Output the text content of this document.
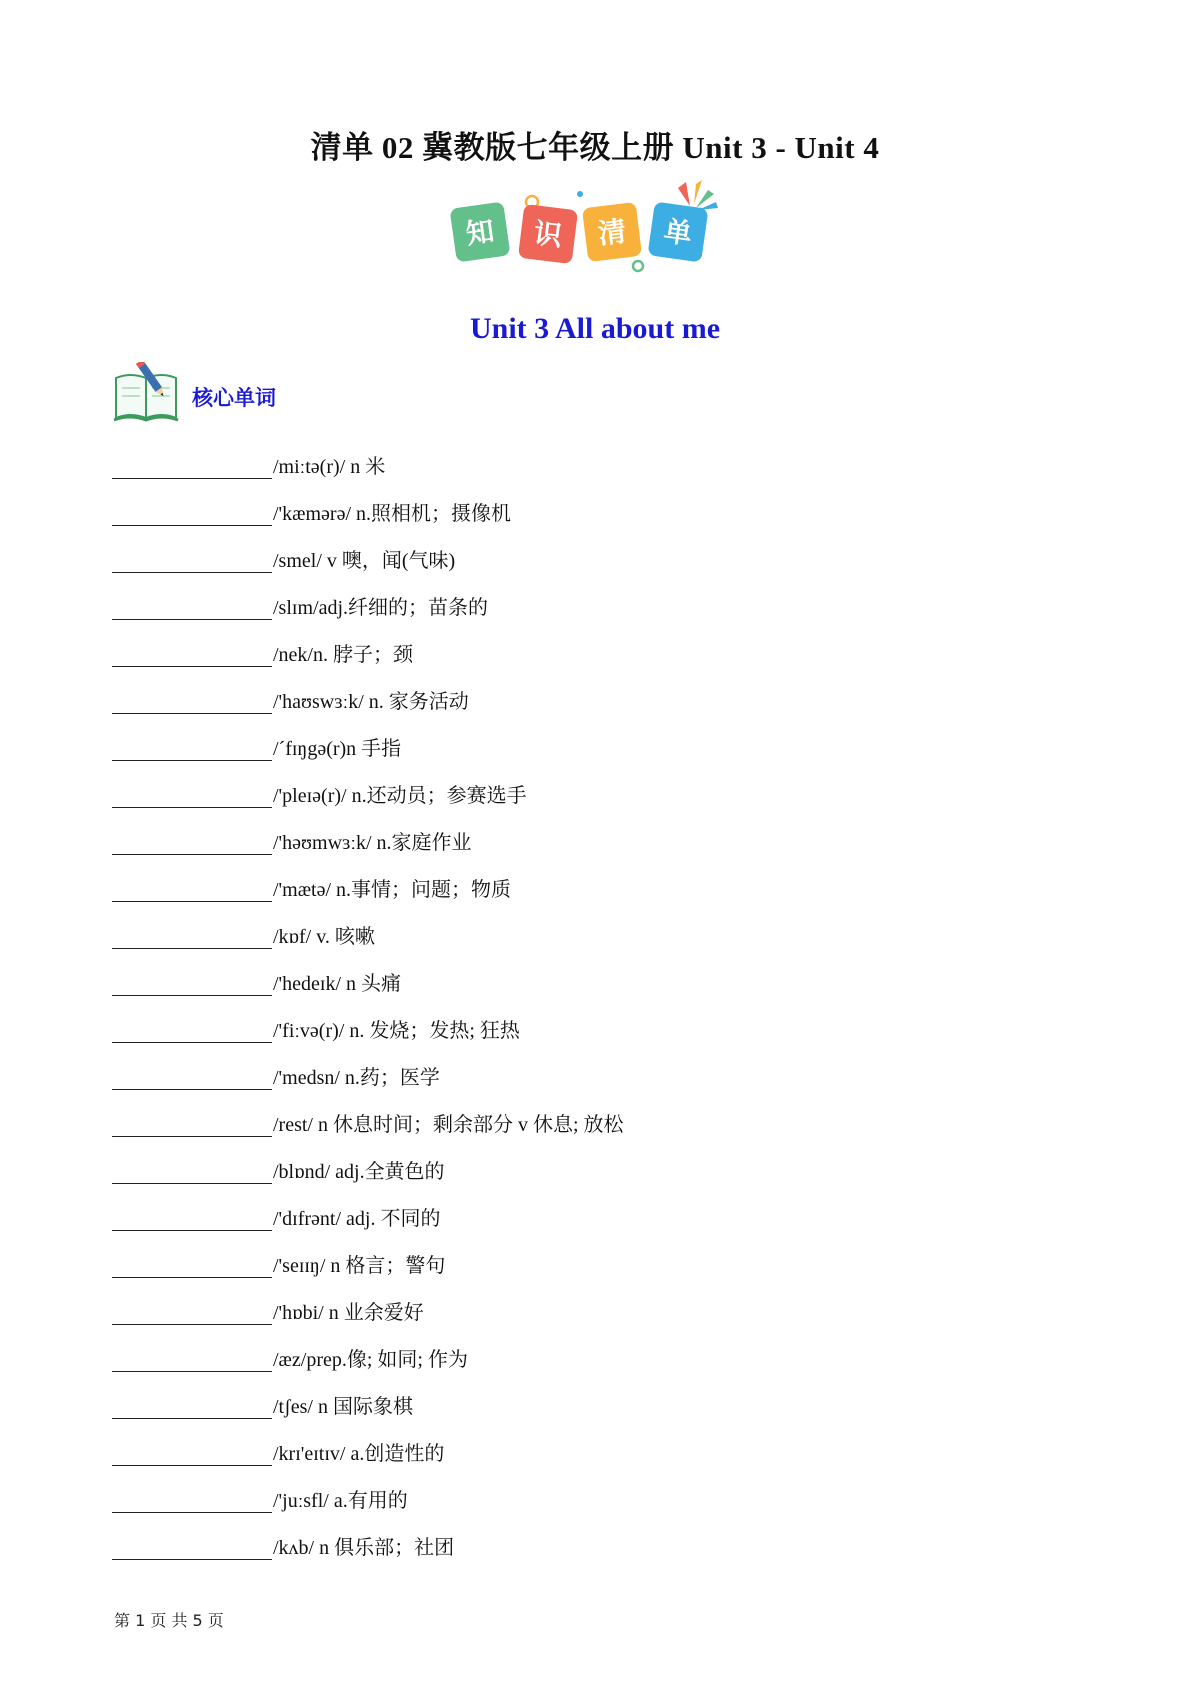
清单 02 冀教版七年级上册 Unit 3 - Unit 4
知 识 清 单
Unit 3 All about me
核心单词
/miːtə(r)/ n 米
/'kæmərə/ n.照相机；摄像机
/smel/ v 噢，闻(气味)
/slɪm/adj.纤细的；苗条的
/nek/n. 脖子；颈
/'haʊswɜːk/ n. 家务活动
/ˊfɪŋgə(r)n 手指
/'pleɪə(r)/ n.还动员；参赛选手
/'həʊmwɜːk/ n.家庭作业
/'mætə/ n.事情；问题；物质
/kɒf/ v. 咳嗽
/'hedeɪk/ n 头痛
/'fiːvə(r)/ n. 发烧；发热; 狂热
/'medsn/ n.药；医学
/rest/ n 休息时间；剩余部分 v 休息; 放松
/blɒnd/ adj.全黄色的
/'dɪfrənt/ adj. 不同的
/'seɪɪŋ/ n 格言；警句
/'hɒbi/ n 业余爱好
/æz/prep.像; 如同; 作为
/tʃes/ n 国际象棋
/krɪ'eɪtɪv/ a.创造性的
/'juːsfl/ a.有用的
/kʌb/ n 俱乐部；社团
第 1 页 共 5 页
